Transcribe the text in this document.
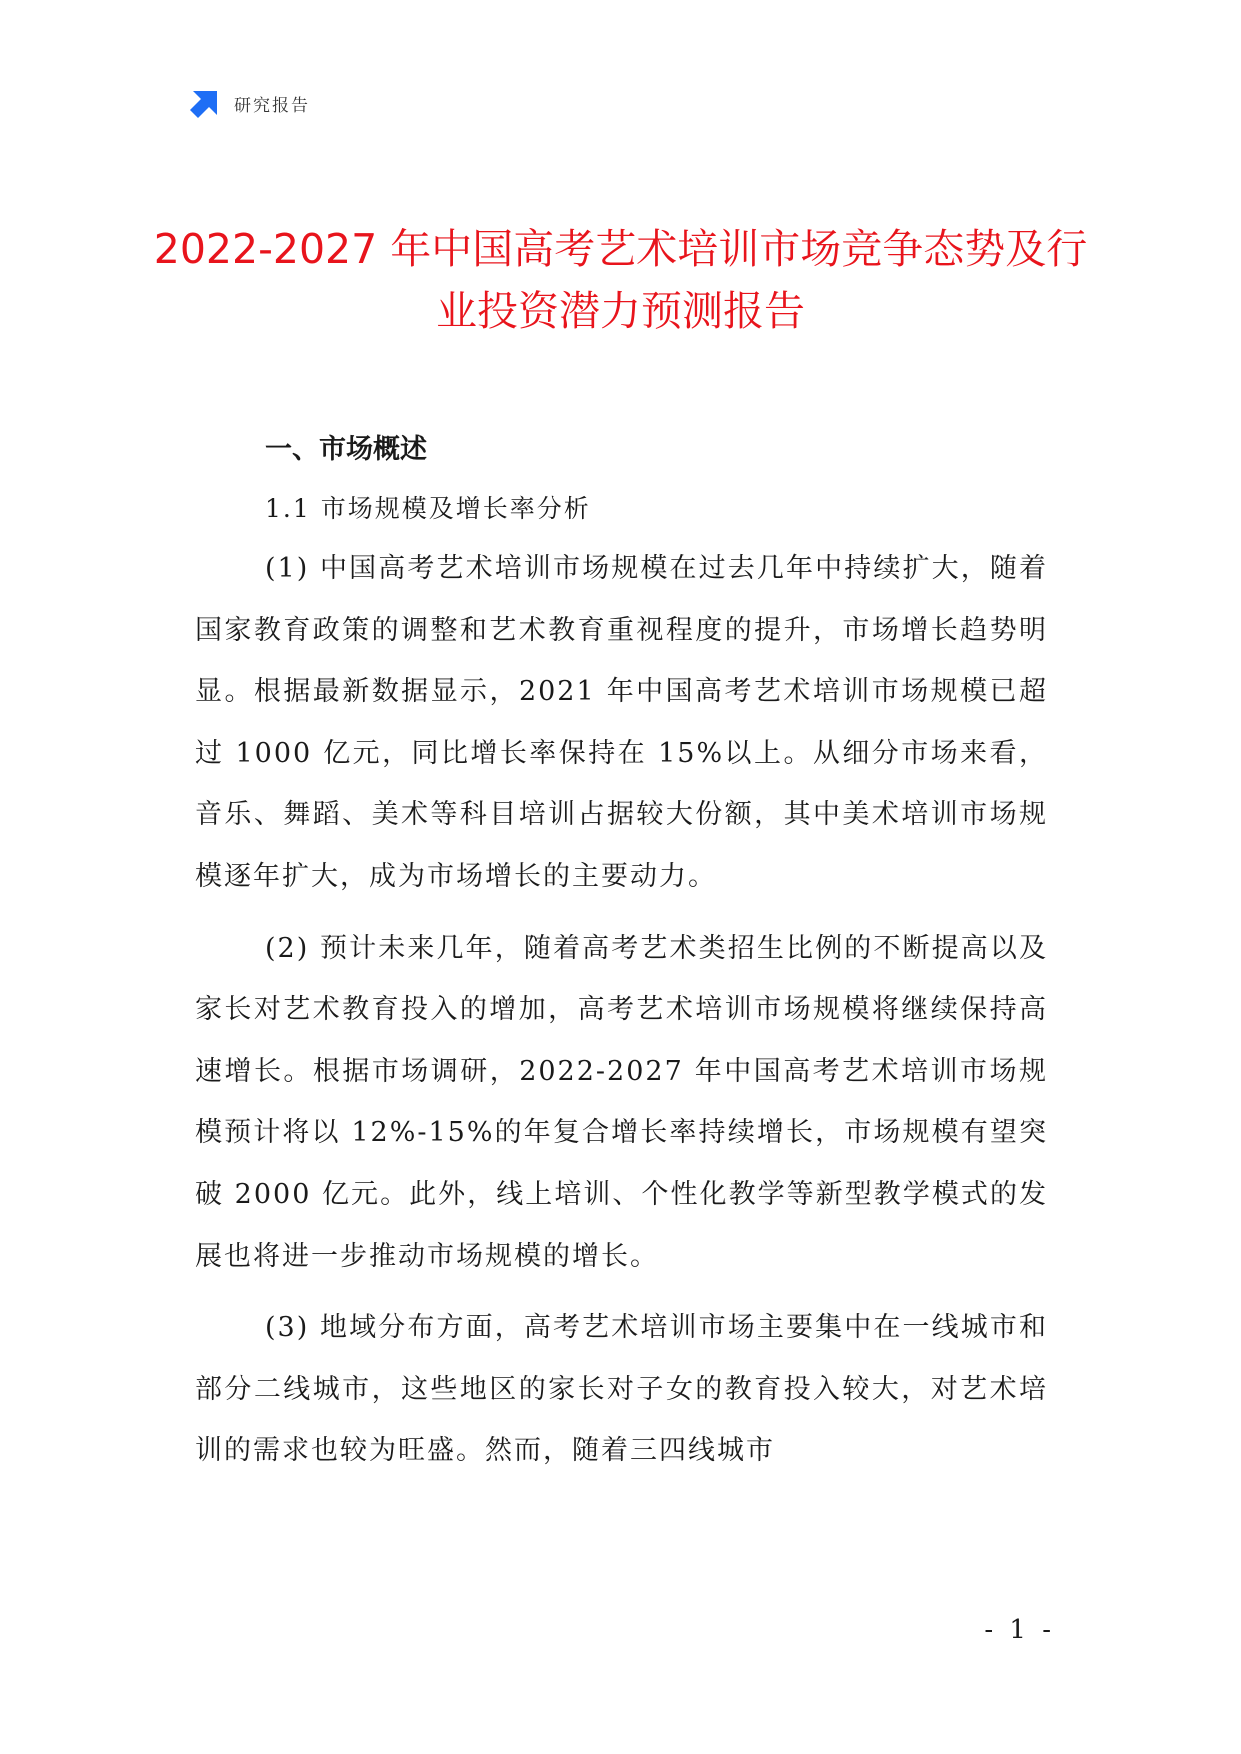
研究报告
2022-2027 年中国高考艺术培训市场竞争态势及行业投资潜力预测报告
一、市场概述
1.1 市场规模及增长率分析

(1) 中国高考艺术培训市场规模在过去几年中持续扩大，随着国家教育政策的调整和艺术教育重视程度的提升，市场增长趋势明显。根据最新数据显示，2021 年中国高考艺术培训市场规模已超过 1000 亿元，同比增长率保持在 15%以上。从细分市场来看，音乐、舞蹈、美术等科目培训占据较大份额，其中美术培训市场规模逐年扩大，成为市场增长的主要动力。

(2) 预计未来几年，随着高考艺术类招生比例的不断提高以及家长对艺术教育投入的增加，高考艺术培训市场规模将继续保持高速增长。根据市场调研，2022-2027 年中国高考艺术培训市场规模预计将以 12%-15%的年复合增长率持续增长，市场规模有望突破 2000 亿元。此外，线上培训、个性化教学等新型教学模式的发展也将进一步推动市场规模的增长。

(3) 地域分布方面，高考艺术培训市场主要集中在一线城市和部分二线城市，这些地区的家长对子女的教育投入较大，对艺术培训的需求也较为旺盛。然而，随着三四线城市

- 1 -
